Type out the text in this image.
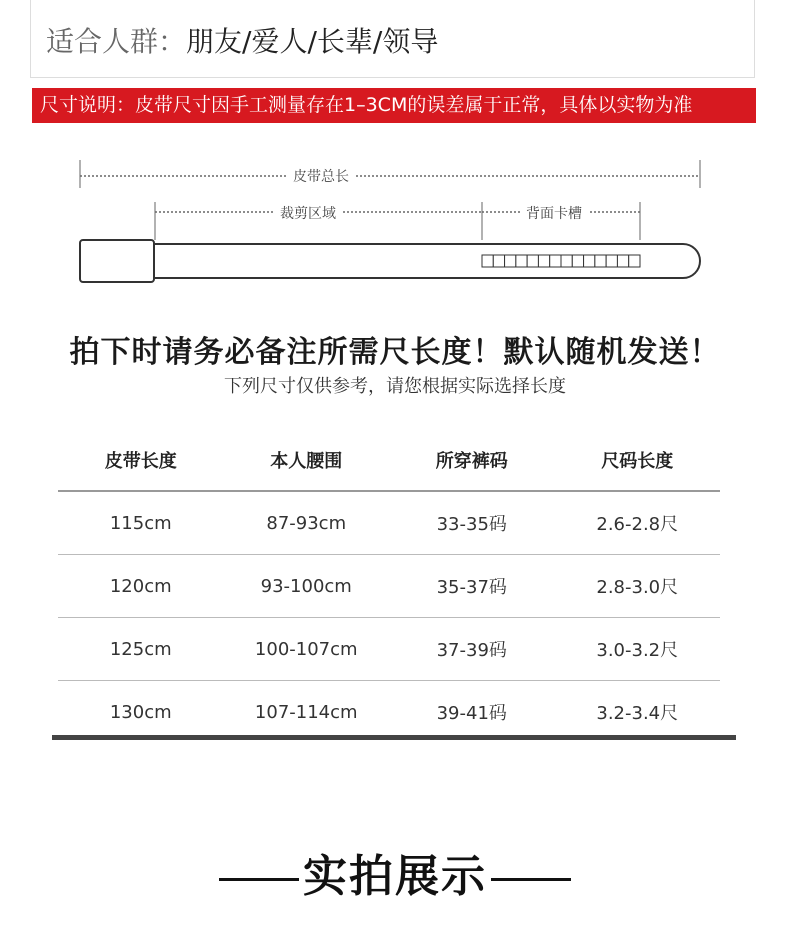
适合人群：朋友/爱人/长辈/领导
尺寸说明：皮带尺寸因手工测量存在1–3CM的误差属于正常，具体以实物为准
皮带总长
裁剪区域	背面卡槽
拍下时请务必备注所需尺长度！默认随机发送！
下列尺寸仅供参考，请您根据实际选择长度
皮带长度	本人腰围	所穿裤码	尺码长度
115cm	87-93cm	33-35码	2.6-2.8尺
120cm	93-100cm	35-37码	2.8-3.0尺
125cm	100-107cm	37-39码	3.0-3.2尺
130cm	107-114cm	39-41码	3.2-3.4尺
实拍展示
